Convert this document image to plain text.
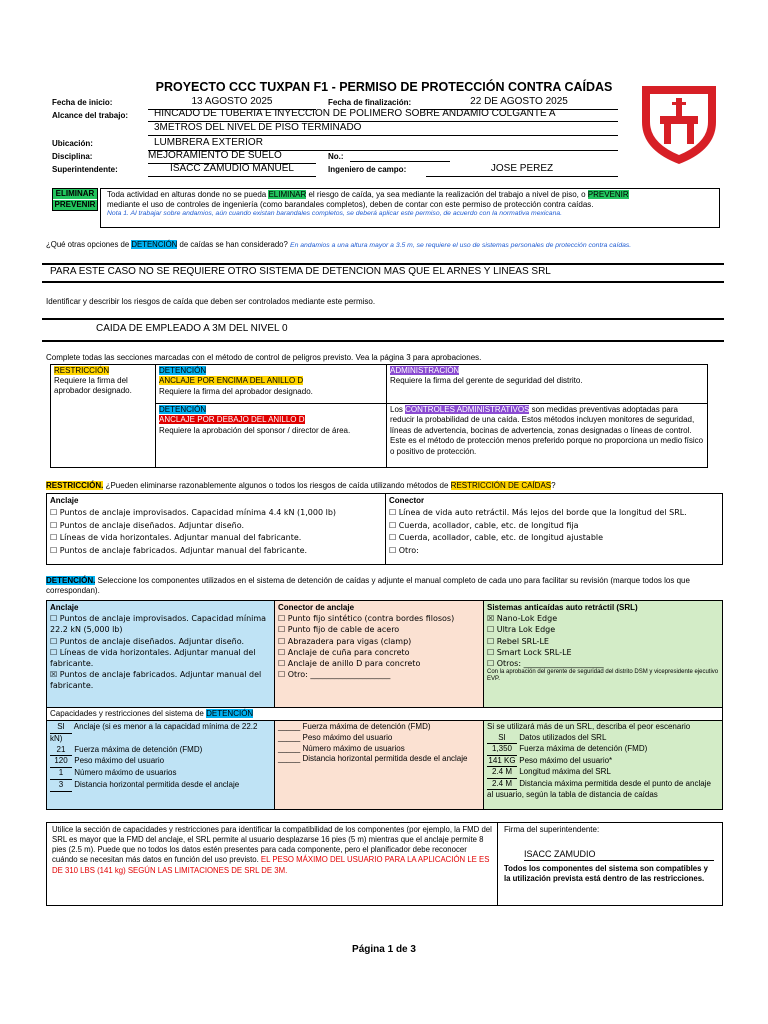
PROYECTO CCC TUXPAN F1 - PERMISO DE PROTECCIÓN CONTRA CAÍDAS
Fecha de inicio:	13 AGOSTO 2025	Fecha de finalización:	22 DE AGOSTO 2025
Alcance del trabajo:	HINCADO DE TUBERIA E INYECCION DE POLIMERO SOBRE ANDAMIO COLGANTE A
3METROS DEL NIVEL DE PISO TERMINADO
Ubicación:	LUMBRERA EXTERIOR
Disciplina:	MEJORAMIENTO DE SUELO	No.:
Superintendente:	ISACC ZAMUDIO MANUEL	Ingeniero de campo:	JOSE PEREZ
ELIMINAR
PREVENIR
Toda actividad en alturas donde no se pueda ELIMINAR el riesgo de caída, ya sea mediante la realización del trabajo a nivel de piso, o PREVENIR
mediante el uso de controles de ingeniería (como barandales completos), deben de contar con este permiso de protección contra caídas.
Nota 1. Al trabajar sobre andamios, aún cuando existan barandales completos, se deberá aplicar este permiso, de acuerdo con la normativa mexicana.
¿Qué otras opciones de DETENCIÓN de caídas se han considerado? En andamios a una altura mayor a 3.5 m, se requiere el uso de sistemas personales de protección contra caídas.
PARA ESTE CASO NO SE REQUIERE OTRO SISTEMA DE DETENCION MAS QUE EL ARNES Y LINEAS SRL
Identificar y describir los riesgos de caída que deben ser controlados mediante este permiso.
CAIDA DE EMPLEADO A 3M DEL NIVEL 0
Complete todas las secciones marcadas con el método de control de peligros previsto. Vea la página 3 para aprobaciones.
RESTRICCIÓN
Requiere la firma del aprobador designado.
DETENCIÓN
ANCLAJE POR ENCIMA DEL ANILLO D
Requiere la firma del aprobador designado.
DETENCIÓN
ANCLAJE POR DEBAJO DEL ANILLO D
Requiere la aprobación del sponsor / director de área.
ADMINISTRACIÓN
Requiere la firma del gerente de seguridad del distrito.
Los CONTROLES ADMINISTRATIVOS son medidas preventivas adoptadas para reducir la probabilidad de una caída. Estos métodos incluyen monitores de seguridad, líneas de advertencia, bocinas de advertencia, zonas designadas o líneas de control. Este es el método de protección menos preferido porque no proporciona un medio físico o positivo de protección.
RESTRICCIÓN. ¿Pueden eliminarse razonablemente algunos o todos los riesgos de caída utilizando métodos de RESTRICCIÓN DE CAÍDAS?
Anclaje
☐ Puntos de anclaje improvisados. Capacidad mínima 4.4 kN (1,000 lb)
☐ Puntos de anclaje diseñados. Adjuntar diseño.
☐ Líneas de vida horizontales. Adjuntar manual del fabricante.
☐ Puntos de anclaje fabricados. Adjuntar manual del fabricante.
Conector
☐ Línea de vida auto retráctil. Más lejos del borde que la longitud del SRL.
☐ Cuerda, acollador, cable, etc. de longitud fija
☐ Cuerda, acollador, cable, etc. de longitud ajustable
☐ Otro:
DETENCIÓN. Seleccione los componentes utilizados en el sistema de detención de caídas y adjunte el manual completo de cada uno para facilitar su revisión (marque todos los que correspondan).
Anclaje
☐ Puntos de anclaje improvisados. Capacidad mínima 22.2 kN (5,000 lb)
☐ Puntos de anclaje diseñados. Adjuntar diseño.
☐ Líneas de vida horizontales. Adjuntar manual del fabricante.
☒ Puntos de anclaje fabricados. Adjuntar manual del fabricante.
Conector de anclaje
☐ Punto fijo sintético (contra bordes filosos)
☐ Punto fijo de cable de acero
☐ Abrazadera para vigas (clamp)
☐ Anclaje de cuña para concreto
☐ Anclaje de anillo D para concreto
☐ Otro: ____________________
Sistemas anticaídas auto retráctil (SRL)
☒ Nano-Lok Edge
☐ Ultra Lok Edge
☐ Rebel SRL-LE
☐ Smart Lock SRL-LE
☐ Otros: ____________________
Con la aprobación del gerente de seguridad del distrito DSM y vicepresidente ejecutivo EVP.
Capacidades y restricciones del sistema de DETENCIÓN
SI Anclaje (si es menor a la capacidad mínima de 22.2 kN)
21 Fuerza máxima de detención (FMD)
120 Peso máximo del usuario
1 Número máximo de usuarios
3 Distancia horizontal permitida desde el anclaje
_____ Fuerza máxima de detención (FMD)
_____ Peso máximo del usuario
_____ Número máximo de usuarios
_____ Distancia horizontal permitida desde el anclaje
Si se utilizará más de un SRL, describa el peor escenario
SI Datos utilizados del SRL
1,350 Fuerza máxima de detención (FMD)
141 KG Peso máximo del usuario*
2.4 M Longitud máxima del SRL
2.4 M Distancia máxima permitida desde el punto de anclaje al usuario, según la tabla de distancia de caídas
Utilice la sección de capacidades y restricciones para identificar la compatibilidad de los componentes (por ejemplo, la FMD del SRL es mayor que la FMD del anclaje, el SRL permite al usuario desplazarse 16 pies (5 m) mientras que el anclaje permite 8 pies (2.5 m). Puede que no todos los datos estén presentes para cada componente, pero el planificador debe reconocer cuándo se necesitan más datos en función del uso previsto. EL PESO MÁXIMO DEL USUARIO PARA LA APLICACIÓN LE ES DE 310 LBS (141 kg) SEGÚN LAS LIMITACIONES DE SRL DE 3M.
Firma del superintendente:
ISACC ZAMUDIO
Todos los componentes del sistema son compatibles y la utilización prevista está dentro de las restricciones.
Página 1 de 3
